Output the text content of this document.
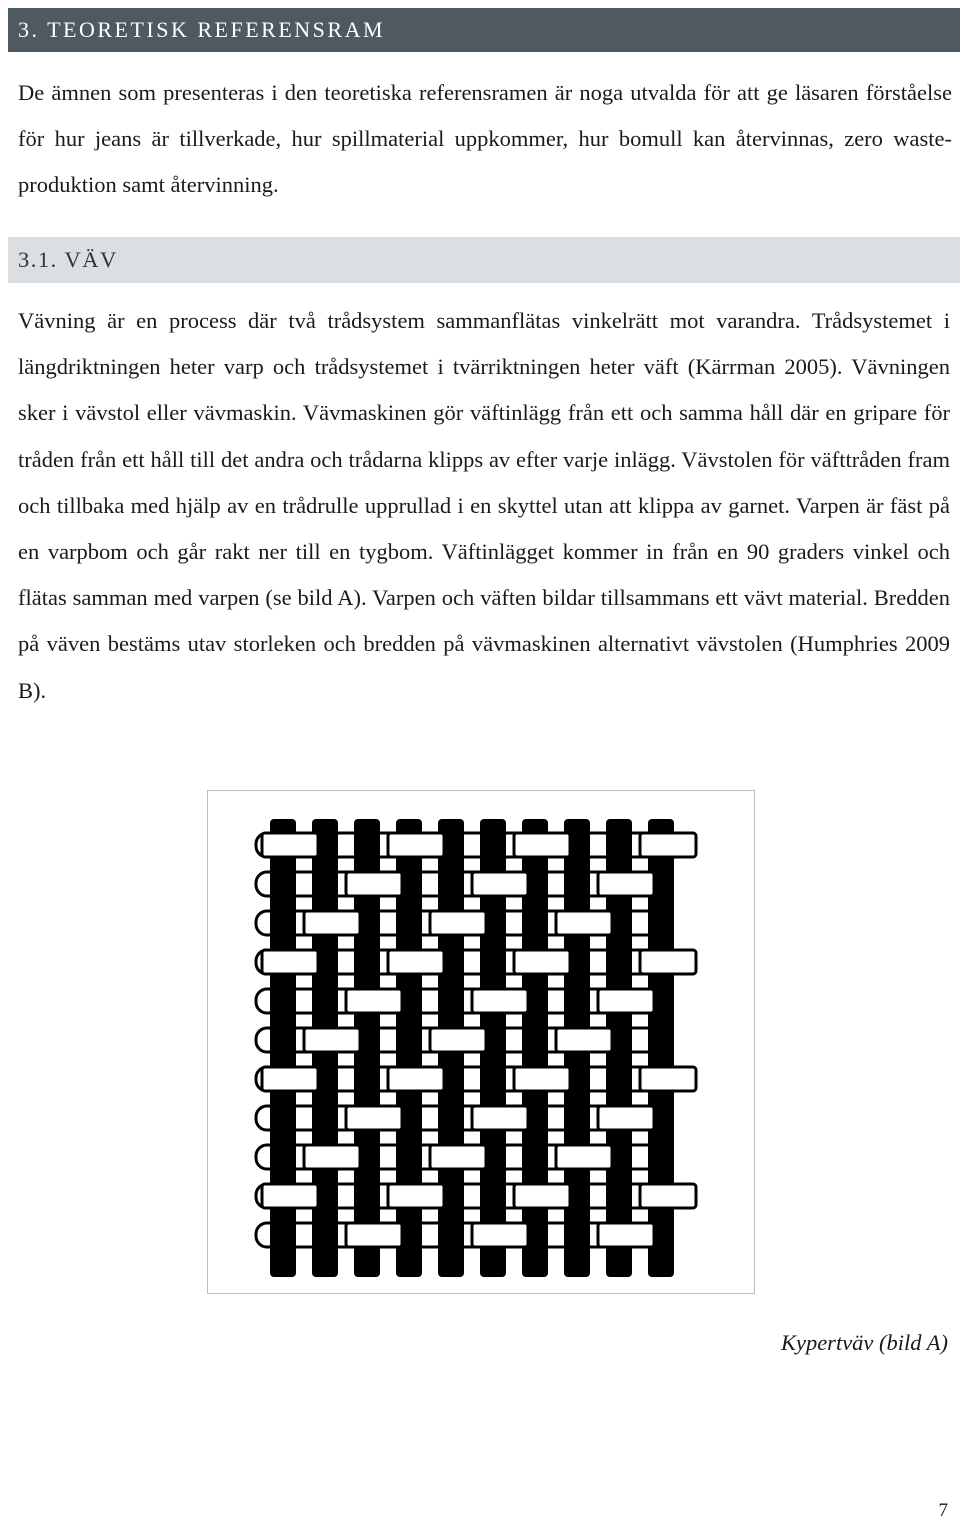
3. TEORETISK REFERENSRAM

De ämnen som presenteras i den teoretiska referensramen är noga utvalda för att ge läsaren förståelse för hur jeans är tillverkade, hur spillmaterial uppkommer, hur bomull kan återvinnas, zero waste-produktion samt återvinning.

3.1. VÄV

Vävning är en process där två trådsystem sammanflätas vinkelrätt mot varandra. Trådsystemet i längdriktningen heter varp och trådsystemet i tvärriktningen heter väft (Kärrman 2005). Vävningen sker i vävstol eller vävmaskin. Vävmaskinen gör väftinlägg från ett och samma håll där en gripare för tråden från ett håll till det andra och trådarna klipps av efter varje inlägg. Vävstolen för väfttråden fram och tillbaka med hjälp av en trådrulle upprullad i en skyttel utan att klippa av garnet. Varpen är fäst på en varpbom och går rakt ner till en tygbom. Väftinlägget kommer in från en 90 graders vinkel och flätas samman med varpen (se bild A). Varpen och väften bildar tillsammans ett vävt material. Bredden på väven bestäms utav storleken och bredden på vävmaskinen alternativt vävstolen (Humphries 2009 B).

Kypertväv (bild A)
7
